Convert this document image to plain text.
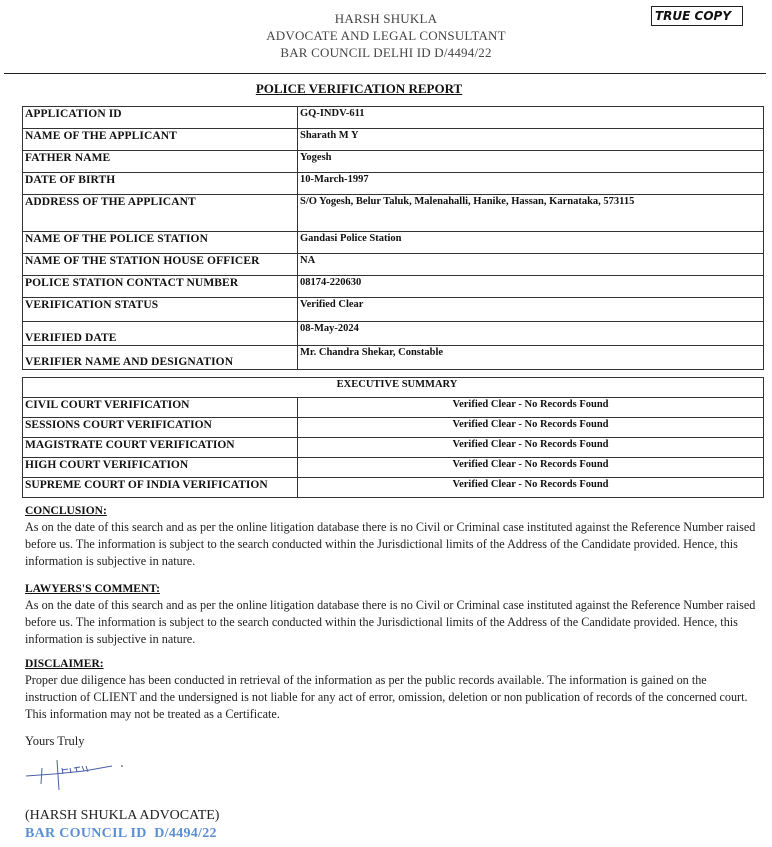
HARSH SHUKLA
ADVOCATE AND LEGAL CONSULTANT
BAR COUNCIL DELHI ID D/4494/22
TRUE COPY
POLICE VERIFICATION REPORT
APPLICATION ID	GQ-INDV-611
NAME OF THE APPLICANT	Sharath M Y
FATHER NAME	Yogesh
DATE OF BIRTH	10-March-1997
ADDRESS OF THE APPLICANT	S/O Yogesh, Belur Taluk, Malenahalli, Hanike, Hassan, Karnataka, 573115
NAME OF THE POLICE STATION	Gandasi Police Station
NAME OF THE STATION HOUSE OFFICER	NA
POLICE STATION CONTACT NUMBER	08174-220630
VERIFICATION STATUS	Verified Clear
VERIFIED DATE	08-May-2024
VERIFIER NAME AND DESIGNATION	Mr. Chandra Shekar, Constable
EXECUTIVE SUMMARY	
CIVIL COURT VERIFICATION	Verified Clear - No Records Found
SESSIONS COURT VERIFICATION	Verified Clear - No Records Found
MAGISTRATE COURT VERIFICATION	Verified Clear - No Records Found
HIGH COURT VERIFICATION	Verified Clear - No Records Found
SUPREME COURT OF INDIA VERIFICATION	Verified Clear - No Records Found
CONCLUSION:
As on the date of this search and as per the online litigation database there is no Civil or Criminal case instituted against the Reference Number raised before us. The information is subject to the search conducted within the Jurisdictional limits of the Address of the Candidate provided. Hence, this information is subjective in nature.
LAWYERS'S COMMENT:
As on the date of this search and as per the online litigation database there is no Civil or Criminal case instituted against the Reference Number raised before us. The information is subject to the search conducted within the Jurisdictional limits of the Address of the Candidate provided. Hence, this information is subjective in nature.
DISCLAIMER:
Proper due diligence has been conducted in retrieval of the information as per the public records available. The information is gained on the instruction of CLIENT and the undersigned is not liable for any act of error, omission, deletion or non publication of records of the concerned court. This information may not be treated as a Certificate.
Yours Truly
(HARSH SHUKLA ADVOCATE)
BAR COUNCIL ID  D/4494/22
